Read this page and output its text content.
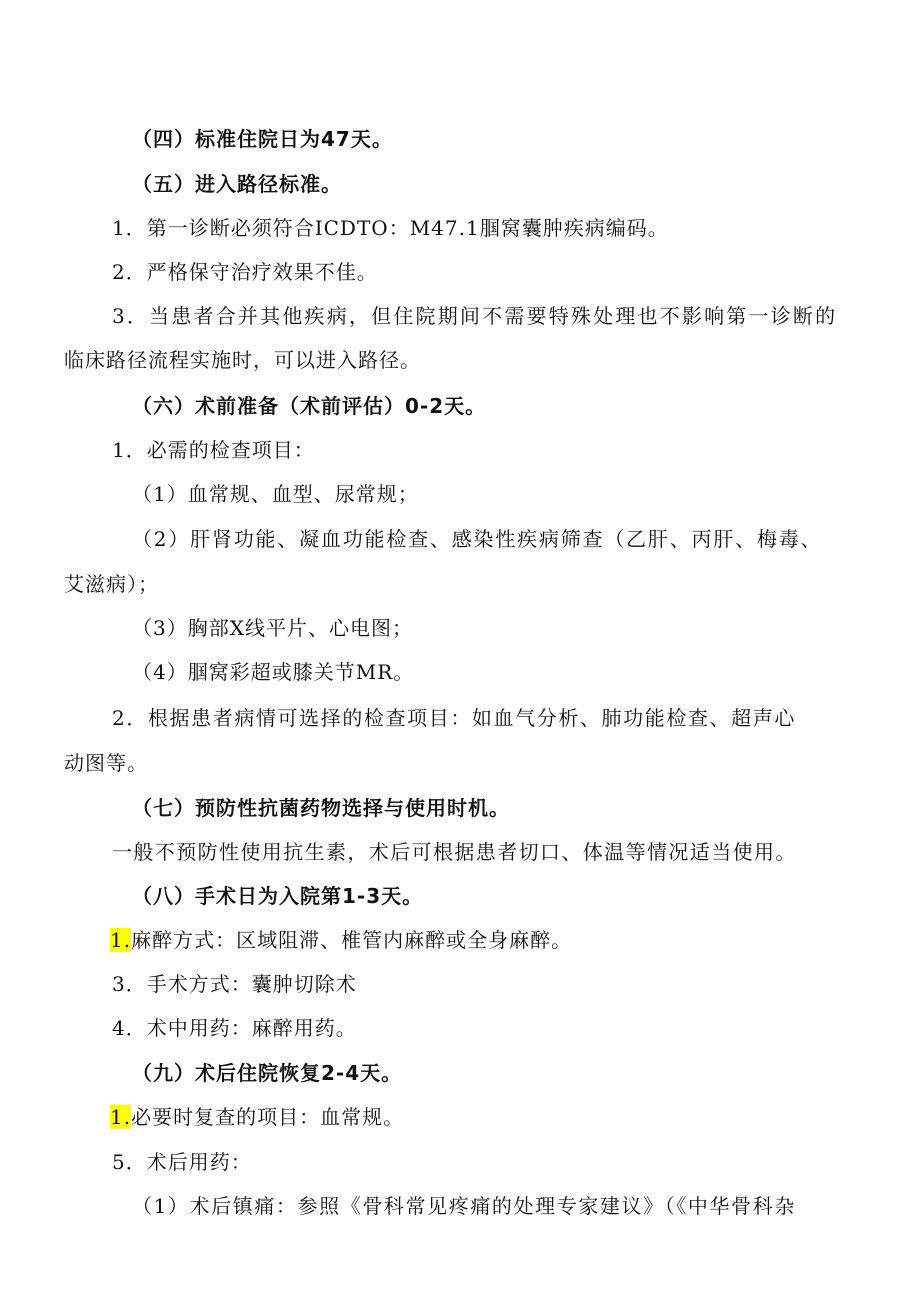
（四）标准住院日为47天。
（五）进入路径标准。
1．第一诊断必须符合ICDTO：M47.1腘窝囊肿疾病编码。
2．严格保守治疗效果不佳。
3．当患者合并其他疾病，但住院期间不需要特殊处理也不影响第一诊断的
临床路径流程实施时，可以进入路径。
（六）术前准备（术前评估）0-2天。
1．必需的检查项目：
（1）血常规、血型、尿常规；
（2）肝肾功能、凝血功能检查、感染性疾病筛查（乙肝、丙肝、梅毒、
艾滋病）；
（3）胸部X线平片、心电图；
（4）腘窝彩超或膝关节MR。
2．根据患者病情可选择的检查项目：如血气分析、肺功能检查、超声心
动图等。
（七）预防性抗菌药物选择与使用时机。
一般不预防性使用抗生素，术后可根据患者切口、体温等情况适当使用。
（八）手术日为入院第1-3天。
1.麻醉方式：区域阻滞、椎管内麻醉或全身麻醉。
3．手术方式：囊肿切除术
4．术中用药：麻醉用药。
（九）术后住院恢复2-4天。
1.必要时复查的项目：血常规。
5．术后用药：
（1）术后镇痛：参照《骨科常见疼痛的处理专家建议》（《中华骨科杂
